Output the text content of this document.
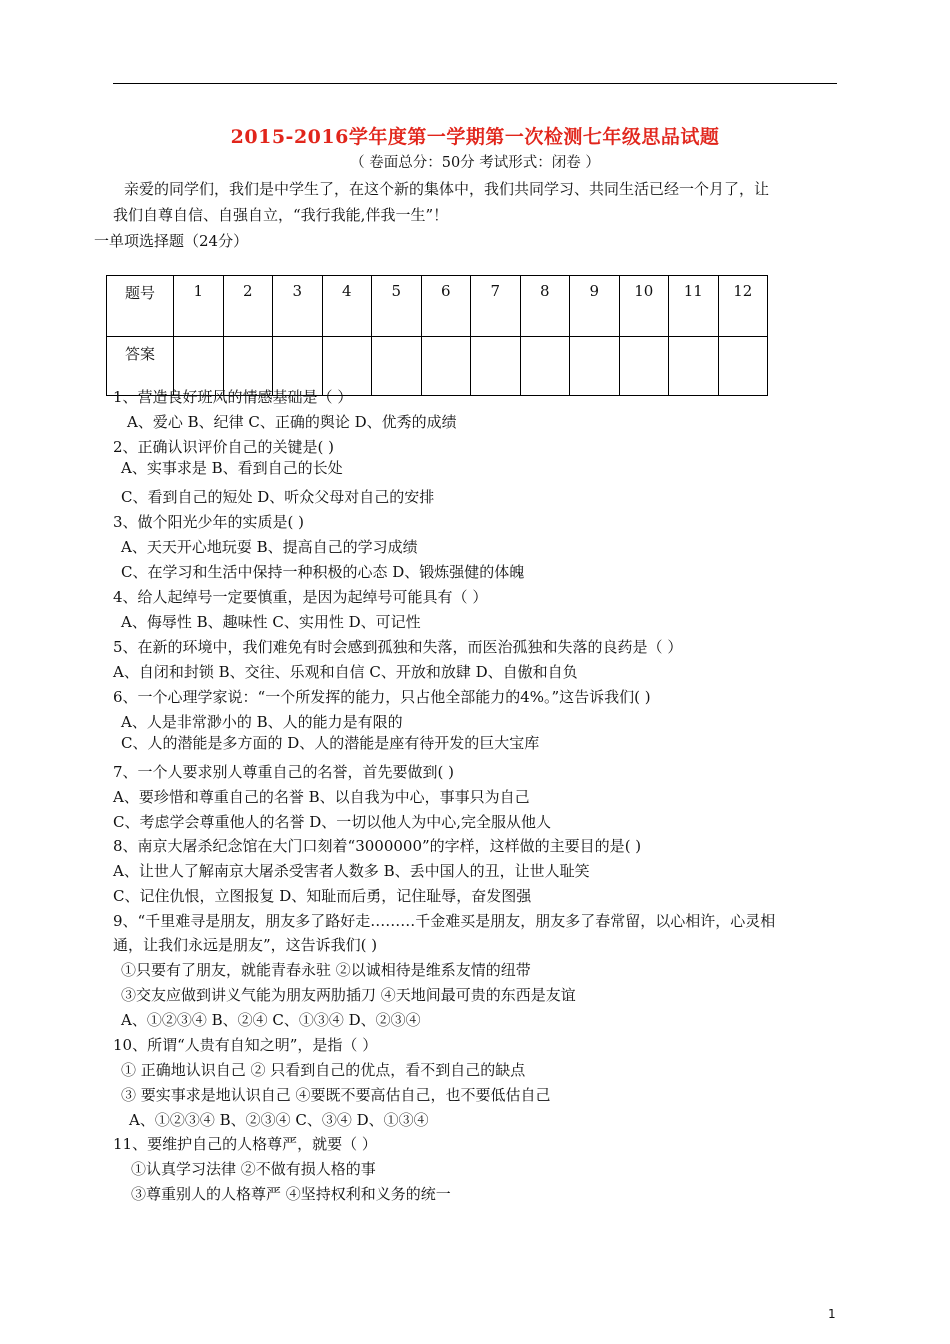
2015-2016学年度第一学期第一次检测七年级思品试题
（ 卷面总分：50分 考试形式：闭卷 ）
亲爱的同学们，我们是中学生了，在这个新的集体中，我们共同学习、共同生活已经一个月了，让
我们自尊自信、自强自立，“我行我能,伴我一生”！
一单项选择题（24分）
题号	1	2	3	4	5	6	7	8	9	10	11	12
答案												
1、营造良好班风的情感基础是（ ）
A、爱心 B、纪律 C、正确的舆论 D、优秀的成绩
2、正确认识评价自己的关键是( )
A、实事求是 B、看到自己的长处
C、看到自己的短处 D、听众父母对自己的安排
3、做个阳光少年的实质是( )
A、天天开心地玩耍 B、提高自己的学习成绩
C、在学习和生活中保持一种积极的心态 D、锻炼强健的体魄
4、给人起绰号一定要慎重，是因为起绰号可能具有（ ）
A、侮辱性 B、趣味性 C、实用性 D、可记性
5、在新的环境中，我们难免有时会感到孤独和失落，而医治孤独和失落的良药是（ ）
A、自闭和封锁 B、交往、乐观和自信 C、开放和放肆 D、自傲和自负
6、一个心理学家说：“一个所发挥的能力，只占他全部能力的4%。”这告诉我们( )
A、人是非常渺小的 B、人的能力是有限的
C、人的潜能是多方面的 D、人的潜能是座有待开发的巨大宝库
7、一个人要求别人尊重自己的名誉，首先要做到( )
A、要珍惜和尊重自己的名誉 B、以自我为中心，事事只为自己
C、考虑学会尊重他人的名誉 D、一切以他人为中心,完全服从他人
8、南京大屠杀纪念馆在大门口刻着“3000000”的字样，这样做的主要目的是( )
A、让世人了解南京大屠杀受害者人数多 B、丢中国人的丑，让世人耻笑
C、记住仇恨，立图报复 D、知耻而后勇，记住耻辱，奋发图强
9、“千里难寻是朋友，朋友多了路好走………千金难买是朋友，朋友多了春常留，以心相许，心灵相
通，让我们永远是朋友”，这告诉我们( )
①只要有了朋友，就能青春永驻 ②以诚相待是维系友情的纽带
③交友应做到讲义气能为朋友两肋插刀 ④天地间最可贵的东西是友谊
A、①②③④ B、②④ C、①③④ D、②③④
10、所谓“人贵有自知之明”，是指（ ）
① 正确地认识自己 ② 只看到自己的优点，看不到自己的缺点
③ 要实事求是地认识自己 ④要既不要高估自己，也不要低估自己
A、①②③④ B、②③④ C、③④ D、①③④
11、要维护自己的人格尊严，就要（ ）
①认真学习法律 ②不做有损人格的事
③尊重别人的人格尊严 ④坚持权利和义务的统一
1
